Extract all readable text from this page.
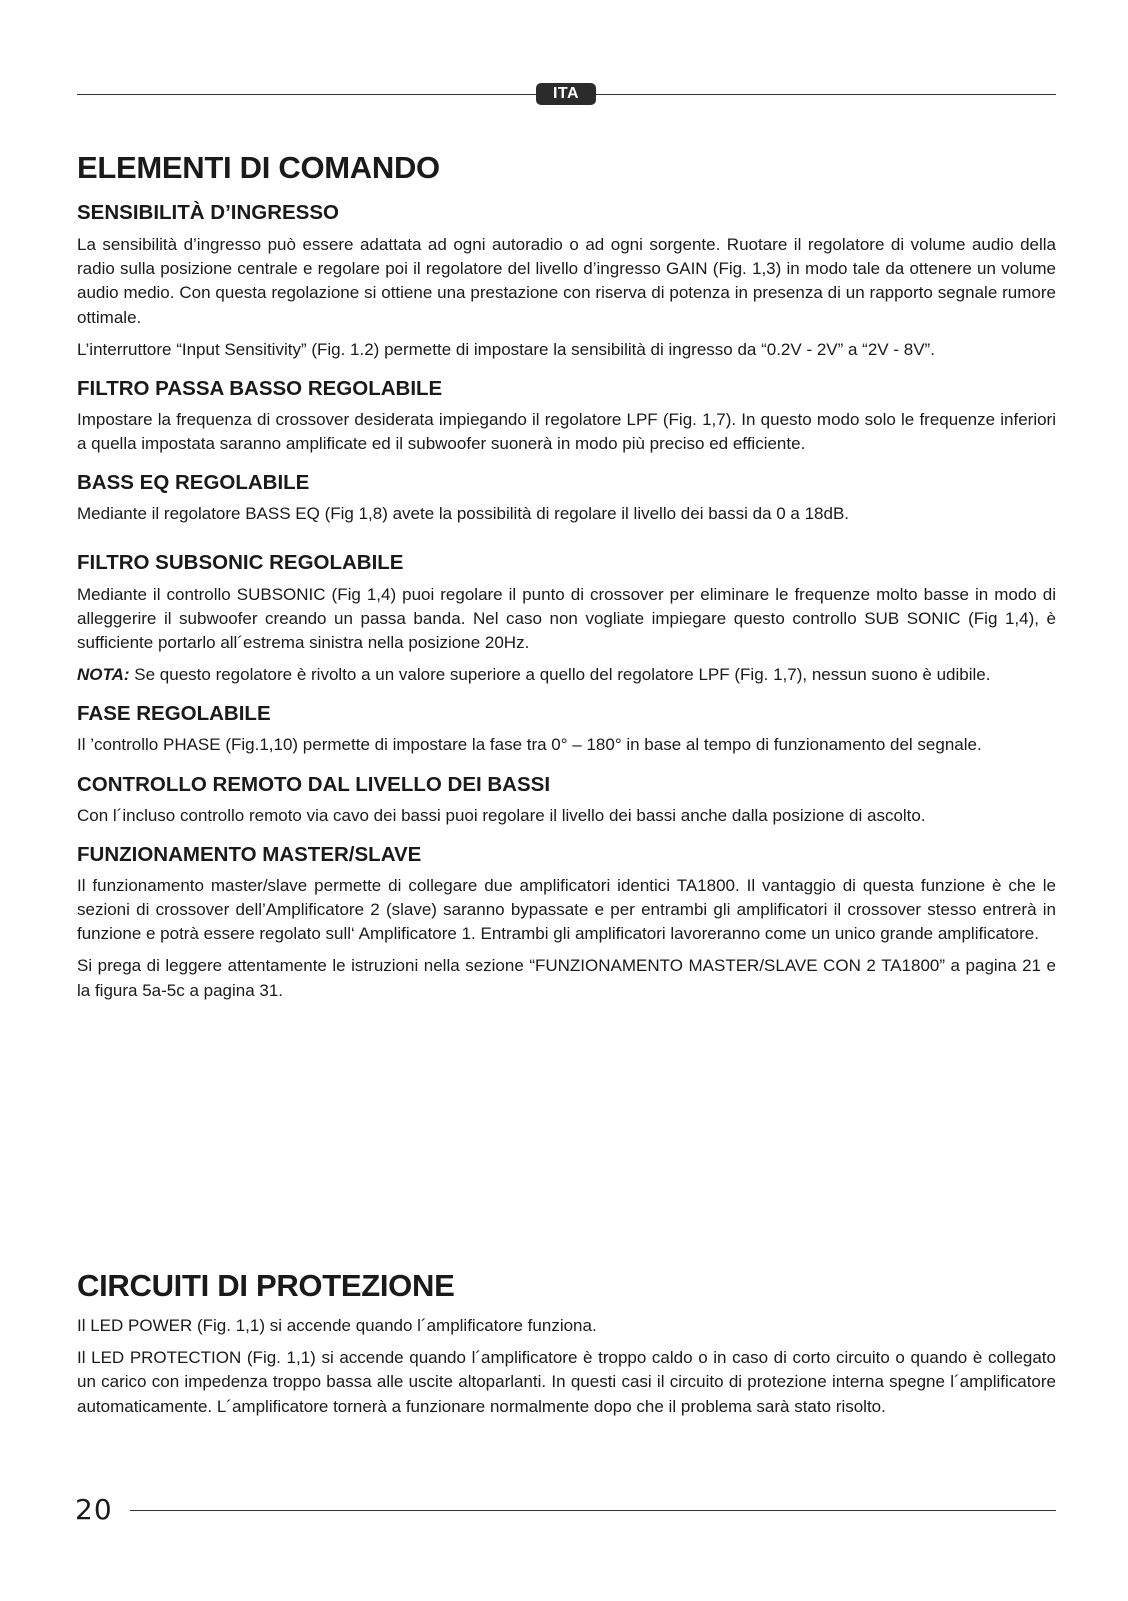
ITA
ELEMENTI DI COMANDO
SENSIBILITÀ D’INGRESSO

La sensibilità d’ingresso può essere adattata ad ogni autoradio o ad ogni sorgente. Ruotare il regolatore di volume audio della radio sulla posizione centrale e regolare poi il regolatore del livello d’ingresso GAIN (Fig. 1,3) in modo tale da ottenere un volume audio medio. Con questa regolazione si ottiene una prestazione con riserva di potenza in presenza di un rapporto segnale rumore ottimale.

L’interruttore “Input Sensitivity” (Fig. 1.2) permette di impostare la sensibilità di ingresso da “0.2V - 2V” a “2V - 8V”.

FILTRO PASSA BASSO REGOLABILE

Impostare la frequenza di crossover desiderata impiegando il regolatore LPF (Fig. 1,7). In questo modo solo le frequenze inferiori a quella impostata saranno amplificate ed il subwoofer suonerà in modo più preciso ed efficiente.

BASS EQ REGOLABILE

Mediante il regolatore BASS EQ (Fig 1,8) avete la possibilità di regolare il livello dei bassi da 0 a 18dB.

FILTRO SUBSONIC REGOLABILE

Mediante il controllo SUBSONIC (Fig 1,4) puoi regolare il punto di crossover per eliminare le frequenze molto basse in modo di alleggerire il subwoofer creando un passa banda. Nel caso non vogliate impiegare questo controllo SUB SONIC (Fig 1,4), è sufficiente portarlo all´estrema sinistra nella posizione 20Hz.

NOTA: Se questo regolatore è rivolto a un valore superiore a quello del regolatore LPF (Fig. 1,7), nessun suono è udibile.

FASE REGOLABILE

Il ’controllo PHASE (Fig.1,10) permette di impostare la fase tra 0° – 180° in base al tempo di funzionamento del segnale.

CONTROLLO REMOTO DAL LIVELLO DEI BASSI

Con l´incluso controllo remoto via cavo dei bassi puoi regolare il livello dei bassi anche dalla posizione di ascolto.

FUNZIONAMENTO MASTER/SLAVE

Il funzionamento master/slave permette di collegare due amplificatori identici TA1800. Il vantaggio di questa funzione è che le sezioni di crossover dell’Amplificatore 2 (slave) saranno bypassate e per entrambi gli amplificatori il crossover stesso entrerà in funzione e potrà essere regolato sull‘ Amplificatore 1. Entrambi gli amplificatori lavoreranno come un unico grande amplificatore.

Si prega di leggere attentamente le istruzioni nella sezione “FUNZIONAMENTO MASTER/SLAVE CON 2 TA1800” a pagina 21 e la figura 5a-5c a pagina 31.

CIRCUITI DI PROTEZIONE

Il LED POWER (Fig. 1,1) si accende quando l´amplificatore funziona.

Il LED PROTECTION (Fig. 1,1) si accende quando l´amplificatore è troppo caldo o in caso di corto circuito o quando è collegato un carico con impedenza troppo bassa alle uscite altoparlanti. In questi casi il circuito di protezione interna spegne l´amplificatore automaticamente. L´amplificatore tornerà a funzionare normalmente dopo che il problema sarà stato risolto.

20
